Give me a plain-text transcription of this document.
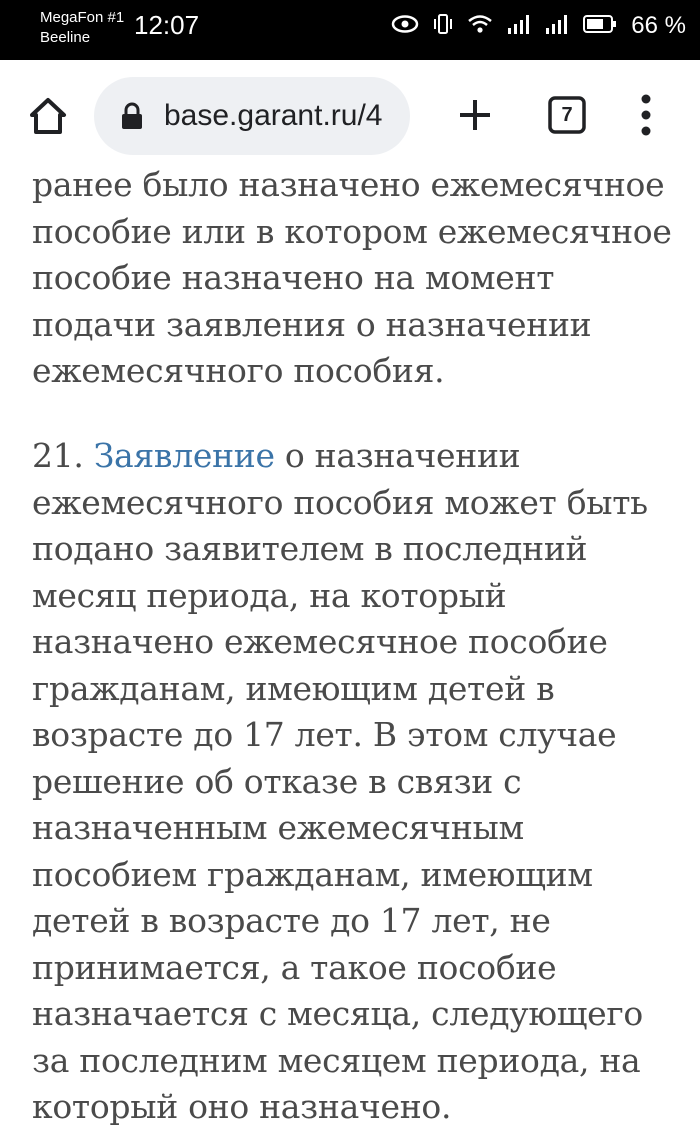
MegaFon #1
Beeline	12:07	66 %
base.garant.ru/4	7

ранее было назначено ежемесячное пособие или в котором ежемесячное пособие назначено на момент подачи заявления о назначении ежемесячного пособия.

21. Заявление о назначении ежемесячного пособия может быть подано заявителем в последний месяц периода, на который назначено ежемесячное пособие гражданам, имеющим детей в возрасте до 17 лет. В этом случае решение об отказе в связи с назначенным ежемесячным пособием гражданам, имеющим детей в возрасте до 17 лет, не принимается, а такое пособие назначается с месяца, следующего за последним месяцем периода, на который оно назначено.
